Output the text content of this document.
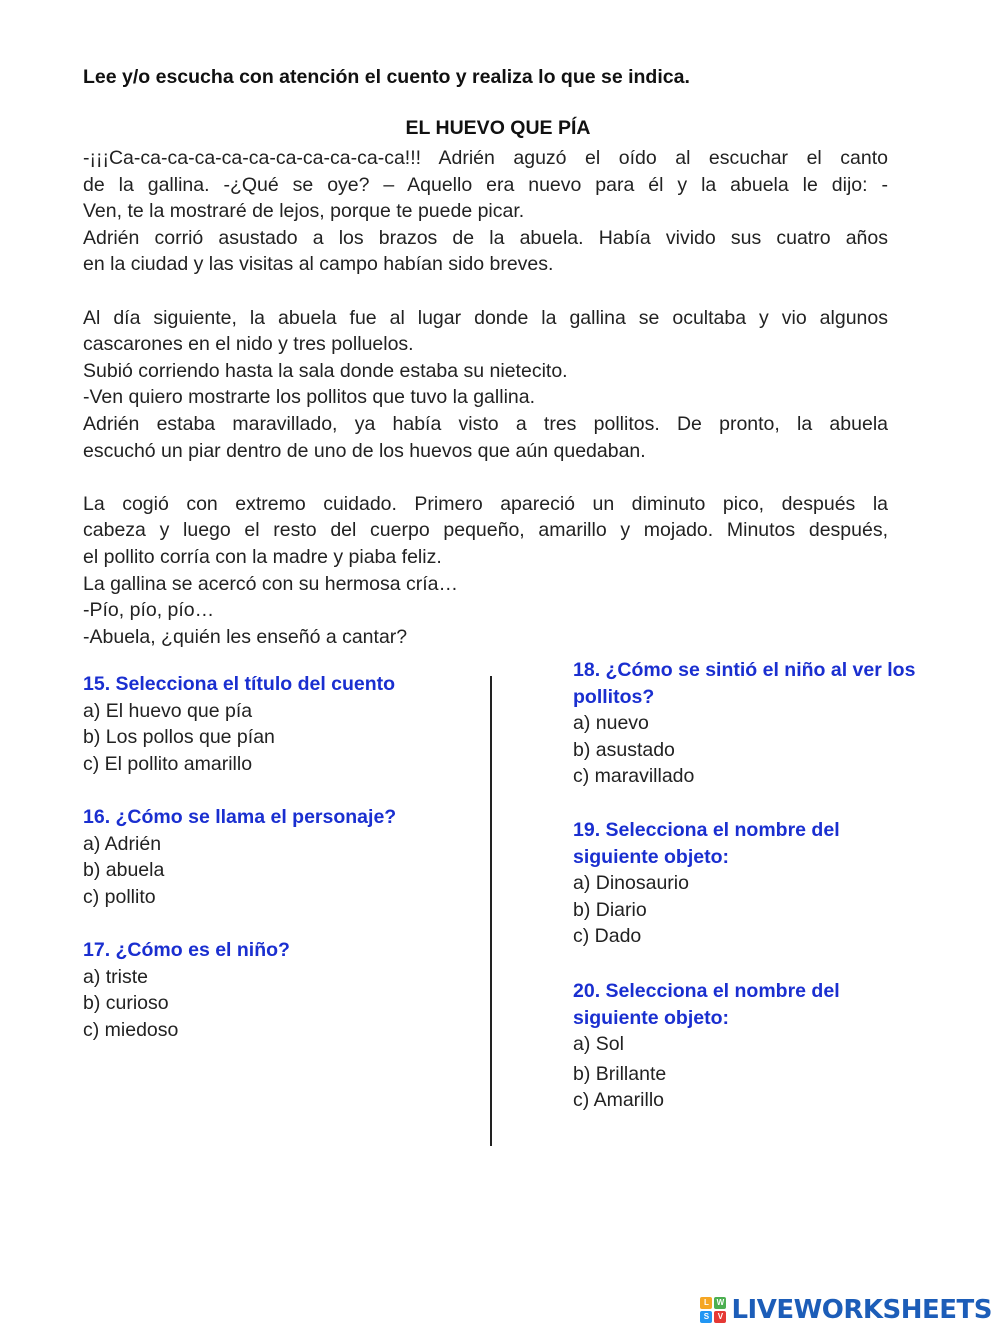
Lee y/o escucha con atención el cuento y realiza lo que se indica.
EL HUEVO QUE PÍA
-¡¡¡Ca-ca-ca-ca-ca-ca-ca-ca-ca-ca-ca!!! Adrién aguzó el oído al escuchar el canto
de la gallina. -¿Qué se oye? – Aquello era nuevo para él y la abuela le dijo: -
Ven, te la mostraré de lejos, porque te puede picar.
Adrién corrió asustado a los brazos de la abuela. Había vivido sus cuatro años
en la ciudad y las visitas al campo habían sido breves.
Al día siguiente, la abuela fue al lugar donde la gallina se ocultaba y vio algunos
cascarones en el nido y tres polluelos.
Subió corriendo hasta la sala donde estaba su nietecito.
-Ven quiero mostrarte los pollitos que tuvo la gallina.
Adrién estaba maravillado, ya había visto a tres pollitos. De pronto, la abuela
escuchó un piar dentro de uno de los huevos que aún quedaban.
La cogió con extremo cuidado. Primero apareció un diminuto pico, después la
cabeza y luego el resto del cuerpo pequeño, amarillo y mojado. Minutos después,
el pollito corría con la madre y piaba feliz.
La gallina se acercó con su hermosa cría…
-Pío, pío, pío…
-Abuela, ¿quién les enseñó a cantar?
15. Selecciona el título del cuento
a) El huevo que pía
b) Los pollos que pían
c) El pollito amarillo
16. ¿Cómo se llama el personaje?
a) Adrién
b) abuela
c) pollito
17. ¿Cómo es el niño?
a) triste
b) curioso
c) miedoso
18. ¿Cómo se sintió el niño al ver los pollitos?
a) nuevo
b) asustado
c) maravillado
19. Selecciona el nombre del siguiente objeto:
a) Dinosaurio
b) Diario
c) Dado
20. Selecciona el nombre del siguiente objeto:
a) Sol
b) Brillante
c) Amarillo
L W
S	V LIVEWORKSHEETS
